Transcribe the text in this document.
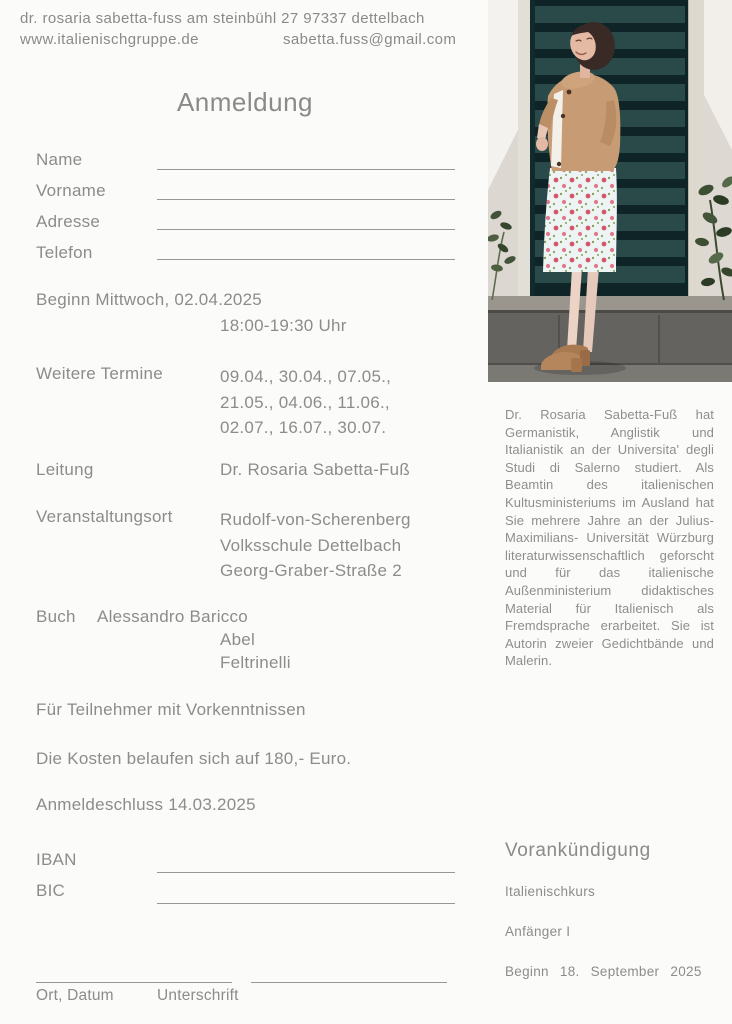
dr. rosaria sabetta-fuss am steinbühl 27 97337 dettelbach
www.italienischgruppe.de	sabetta.fuss@gmail.com
Anmeldung
Name
Vorname
Adresse
Telefon
Beginn Mittwoch, 02.04.2025
18:00-19:30 Uhr
Weitere Termine	09.04., 30.04., 07.05.,
21.05., 04.06., 11.06.,
02.07., 16.07., 30.07.
Leitung	Dr. Rosaria Sabetta-Fuß
Veranstaltungsort	Rudolf-von-Scherenberg
Volksschule Dettelbach
Georg-Graber-Straße 2
Buch Alessandro Baricco
Abel
Feltrinelli
Für Teilnehmer mit Vorkenntnissen
Die Kosten belaufen sich auf 180,- Euro.
Anmeldeschluss 14.03.2025
IBAN
BIC
Ort, Datum	Unterschrift

Dr. Rosaria Sabetta-Fuß hat Germanistik, Anglistik und Italianistik an der Universita' degli Studi di Salerno studiert. Als Beamtin des italienischen Kultusministeriums im Ausland hat Sie mehrere Jahre an der Julius-Maximilians- Universität Würzburg literaturwissenschaftlich geforscht und für das italienische Außenministerium didaktisches Material für Italienisch als Fremdsprache erarbeitet. Sie ist Autorin zweier Gedichtbände und Malerin.

Vorankündigung
Italienischkurs
Anfänger I
Beginn 18. September 2025
